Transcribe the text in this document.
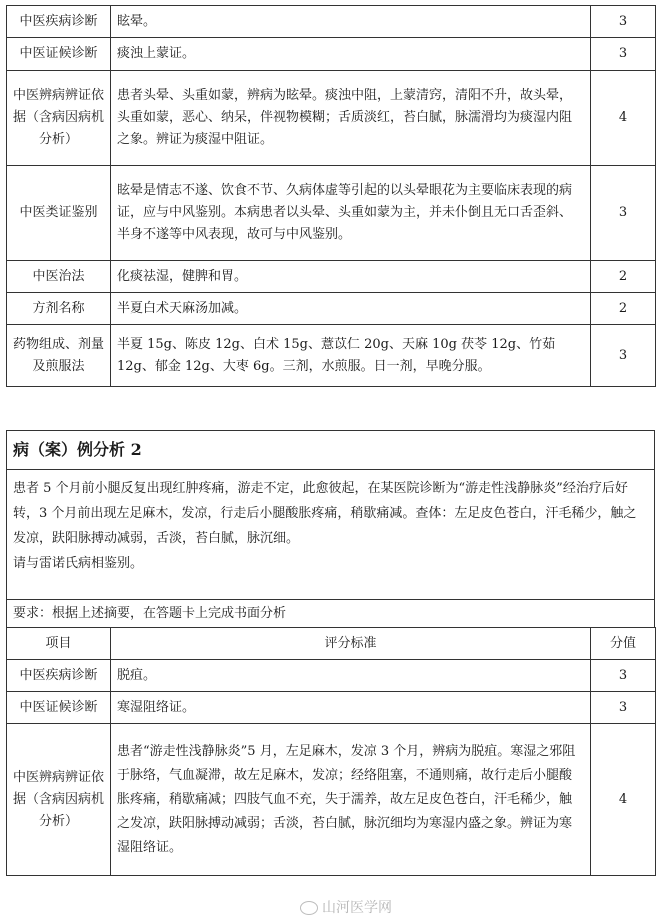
中医疾病诊断	眩晕。	3
中医证候诊断	痰浊上蒙证。	3
中医辨病辨证依据（含病因病机分析）	患者头晕、头重如蒙，辨病为眩晕。痰浊中阻，上蒙清窍，清阳不升，故头晕，头重如蒙，恶心、纳呆，伴视物模糊；舌质淡红，苔白腻，脉濡滑均为痰湿内阻之象。辨证为痰湿中阻证。	4
中医类证鉴别	眩晕是情志不遂、饮食不节、久病体虚等引起的以头晕眼花为主要临床表现的病证，应与中风鉴别。本病患者以头晕、头重如蒙为主，并未仆倒且无口舌歪斜、半身不遂等中风表现，故可与中风鉴别。	3
中医治法	化痰祛湿，健脾和胃。	2
方剂名称	半夏白术天麻汤加减。	2
药物组成、剂量及煎服法	半夏 15g、陈皮 12g、白术 15g、薏苡仁 20g、天麻 10g 茯苓 12g、竹茹 12g、郁金 12g、大枣 6g。三剂，水煎服。日一剂，早晚分服。	3
病（案）例分析 2
患者 5 个月前小腿反复出现红肿疼痛，游走不定，此愈彼起，在某医院诊断为“游走性浅静脉炎”经治疗后好转，3 个月前出现左足麻木，发凉，行走后小腿酸胀疼痛，稍歇痛减。查体：左足皮色苍白，汗毛稀少，触之发凉，趺阳脉搏动减弱，舌淡，苔白腻，脉沉细。
请与雷诺氏病相鉴别。
要求：根据上述摘要，在答题卡上完成书面分析
项目	评分标准	分值
中医疾病诊断	脱疽。	3
中医证候诊断	寒湿阻络证。	3
中医辨病辨证依据（含病因病机分析）	患者“游走性浅静脉炎”5 月，左足麻木，发凉 3 个月，辨病为脱疽。寒湿之邪阻于脉络，气血凝滞，故左足麻木，发凉；经络阻塞，不通则痛，故行走后小腿酸胀疼痛，稍歇痛减；四肢气血不充，失于濡养，故左足皮色苍白，汗毛稀少，触之发凉，趺阳脉搏动减弱；舌淡，苔白腻，脉沉细均为寒湿内盛之象。辨证为寒湿阻络证。	4
山河医学网
